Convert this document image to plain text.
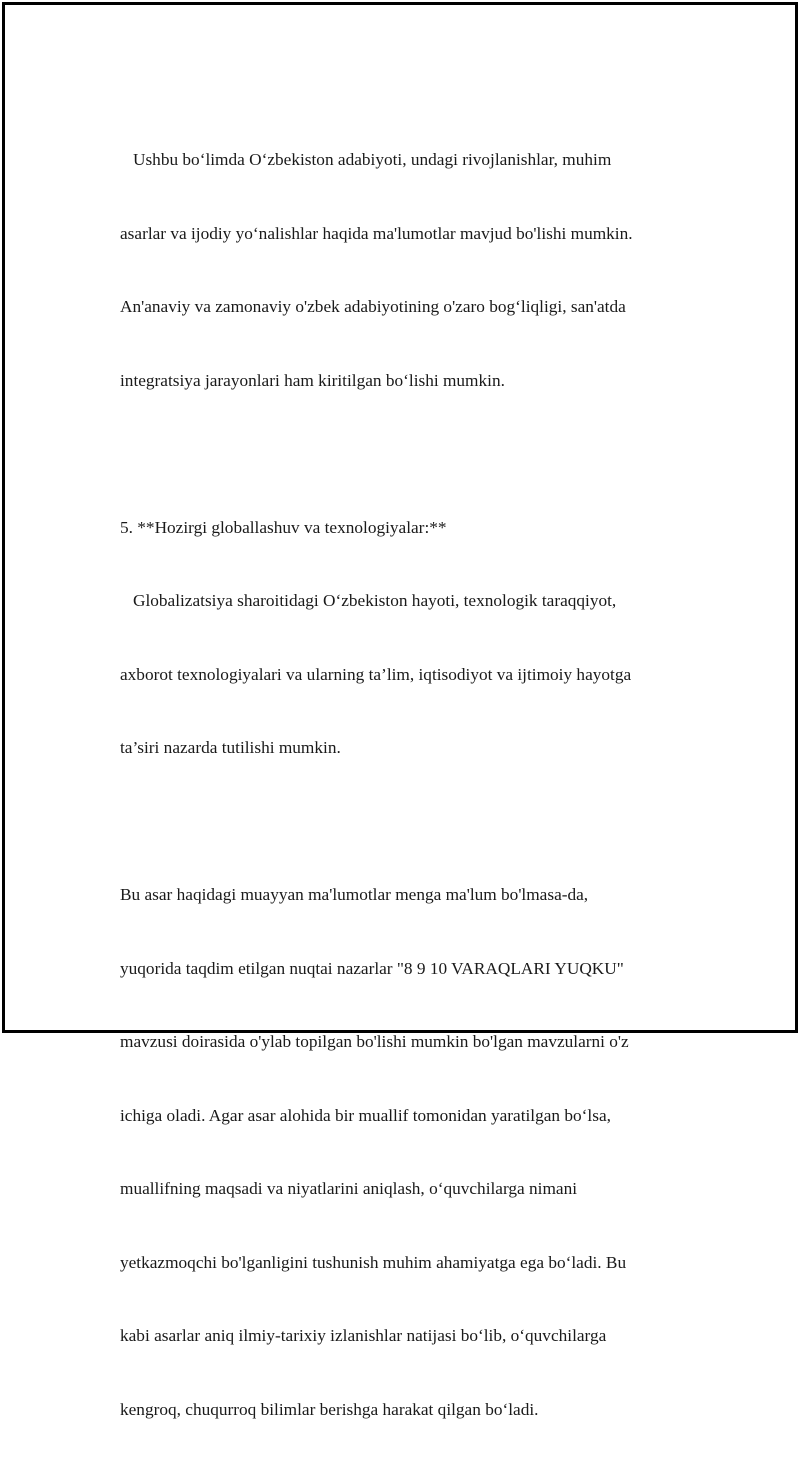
Ushbu bo‘limda O‘zbekiston adabiyoti, undagi rivojlanishlar, muhim

asarlar va ijodiy yo‘nalishlar haqida ma'lumotlar mavjud bo'lishi mumkin.

An'anaviy va zamonaviy o'zbek adabiyotining o'zaro bog‘liqligi, san'atda

integratsiya jarayonlari ham kiritilgan bo‘lishi mumkin.

5. **Hozirgi globallashuv va texnologiyalar:**

Globalizatsiya sharoitidagi O‘zbekiston hayoti, texnologik taraqqiyot,

axborot texnologiyalari va ularning ta’lim, iqtisodiyot va ijtimoiy hayotga

ta’siri nazarda tutilishi mumkin.

Bu asar haqidagi muayyan ma'lumotlar menga ma'lum bo'lmasa-da,

yuqorida taqdim etilgan nuqtai nazarlar "8 9 10 VARAQLARI YUQKU"

mavzusi doirasida o'ylab topilgan bo'lishi mumkin bo'lgan mavzularni o'z

ichiga oladi. Agar asar alohida bir muallif tomonidan yaratilgan bo‘lsa,

muallifning maqsadi va niyatlarini aniqlash, o‘quvchilarga nimani

yetkazmoqchi bo'lganligini tushunish muhim ahamiyatga ega bo‘ladi. Bu

kabi asarlar aniq ilmiy-tarixiy izlanishlar natijasi bo‘lib, o‘quvchilarga

kengroq, chuqurroq bilimlar berishga harakat qilgan bo‘ladi.
